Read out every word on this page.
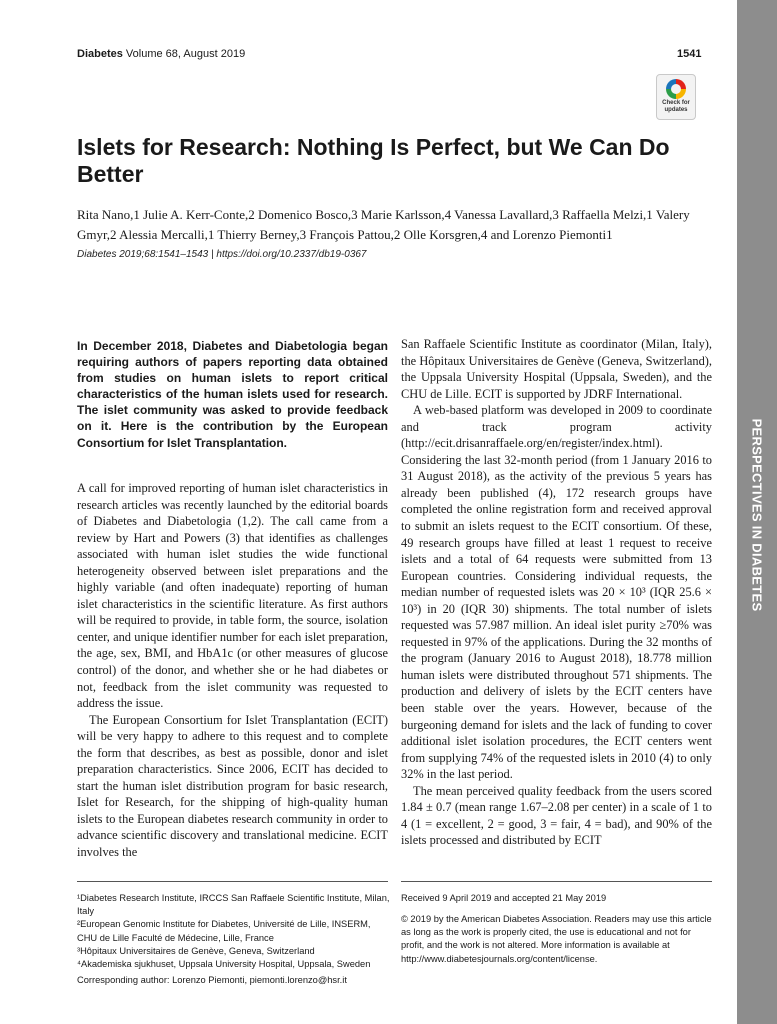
Diabetes Volume 68, August 2019	1541
Check for
updates
Islets for Research: Nothing Is Perfect, but We Can Do Better

Rita Nano,1 Julie A. Kerr-Conte,2 Domenico Bosco,3 Marie Karlsson,4 Vanessa Lavallard,3 Raffaella Melzi,1 Valery Gmyr,2 Alessia Mercalli,1 Thierry Berney,3 François Pattou,2 Olle Korsgren,4 and Lorenzo Piemonti1

Diabetes 2019;68:1541–1543 | https://doi.org/10.2337/db19-0367
PERSPECTIVES IN DIABETES

In December 2018, Diabetes and Diabetologia began requiring authors of papers reporting data obtained from studies on human islets to report critical characteristics of the human islets used for research. The islet community was asked to provide feedback on it. Here is the contribution by the European Consortium for Islet Transplantation.

A call for improved reporting of human islet characteristics in research articles was recently launched by the editorial boards of Diabetes and Diabetologia (1,2). The call came from a review by Hart and Powers (3) that identifies as challenges associated with human islet studies the wide functional heterogeneity observed between islet preparations and the highly variable (and often inadequate) reporting of human islet characteristics in the scientific literature. As first authors will be required to provide, in table form, the source, isolation center, and unique identifier number for each islet preparation, the age, sex, BMI, and HbA1c (or other measures of glucose control) of the donor, and whether she or he had diabetes or not, feedback from the islet community was requested to address the issue.

The European Consortium for Islet Transplantation (ECIT) will be very happy to adhere to this request and to complete the form that describes, as best as possible, donor and islet preparation characteristics. Since 2006, ECIT has decided to start the human islet distribution program for basic research, Islet for Research, for the shipping of high-quality human islets to the European diabetes research community in order to advance scientific discovery and translational medicine. ECIT involves the

San Raffaele Scientific Institute as coordinator (Milan, Italy), the Hôpitaux Universitaires de Genève (Geneva, Switzerland), the Uppsala University Hospital (Uppsala, Sweden), and the CHU de Lille. ECIT is supported by JDRF International.

A web-based platform was developed in 2009 to coordinate and track program activity (http://ecit.drisanraffaele.org/en/register/index.html). Considering the last 32-month period (from 1 January 2016 to 31 August 2018), as the activity of the previous 5 years has already been published (4), 172 research groups have completed the online registration form and received approval to submit an islets request to the ECIT consortium. Of these, 49 research groups have filled at least 1 request to receive islets and a total of 64 requests were submitted from 13 European countries. Considering individual requests, the median number of requested islets was 20 × 10³ (IQR 25.6 × 10³) in 20 (IQR 30) shipments. The total number of islets requested was 57.987 million. An ideal islet purity ≥70% was requested in 97% of the applications. During the 32 months of the program (January 2016 to August 2018), 18.778 million human islets were distributed throughout 571 shipments. The production and delivery of islets by the ECIT centers have been stable over the years. However, because of the burgeoning demand for islets and the lack of funding to cover additional islet isolation procedures, the ECIT centers went from supplying 74% of the requested islets in 2010 (4) to only 32% in the last period.

The mean perceived quality feedback from the users scored 1.84 ± 0.7 (mean range 1.67–2.08 per center) in a scale of 1 to 4 (1 = excellent, 2 = good, 3 = fair, 4 = bad), and 90% of the islets processed and distributed by ECIT

¹Diabetes Research Institute, IRCCS San Raffaele Scientific Institute, Milan, Italy
²European Genomic Institute for Diabetes, Université de Lille, INSERM, CHU de Lille Faculté de Médecine, Lille, France
³Hôpitaux Universitaires de Genève, Geneva, Switzerland
⁴Akademiska sjukhuset, Uppsala University Hospital, Uppsala, Sweden
Corresponding author: Lorenzo Piemonti, piemonti.lorenzo@hsr.it
Received 9 April 2019 and accepted 21 May 2019

© 2019 by the American Diabetes Association. Readers may use this article as long as the work is properly cited, the use is educational and not for profit, and the work is not altered. More information is available at http://www.diabetesjournals.org/content/license.
